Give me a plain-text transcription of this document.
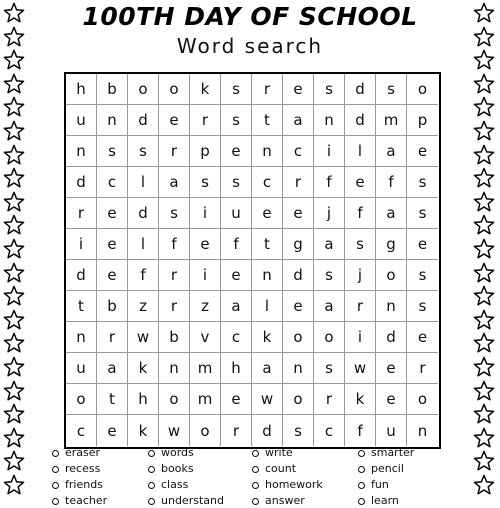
100TH DAY OF SCHOOL
Word search
h	b	o	o	k	s	r	e	s	d	s	o
u	n	d	e	r	s	t	a	n	d	m	p
n	s	s	r	p	e	n	c	i	l	a	e
d	c	l	a	s	s	c	r	f	e	f	s
r	e	d	s	i	u	e	e	j	f	a	s
i	e	l	f	e	f	t	g	a	s	g	e
d	e	f	r	i	e	n	d	s	j	o	s
t	b	z	r	z	a	l	e	a	r	n	s
n	r	w	b	v	c	k	o	o	i	d	e
u	a	k	n	m	h	a	n	s	w	e	r
o	t	h	o	m	e	w	o	r	k	e	o
c	e	k	w	o	r	d	s	c	f	u	n
eraser	words	write	smarter
recess	books	count	pencil
friends	class	homework	fun
teacher	understand	answer	learn
